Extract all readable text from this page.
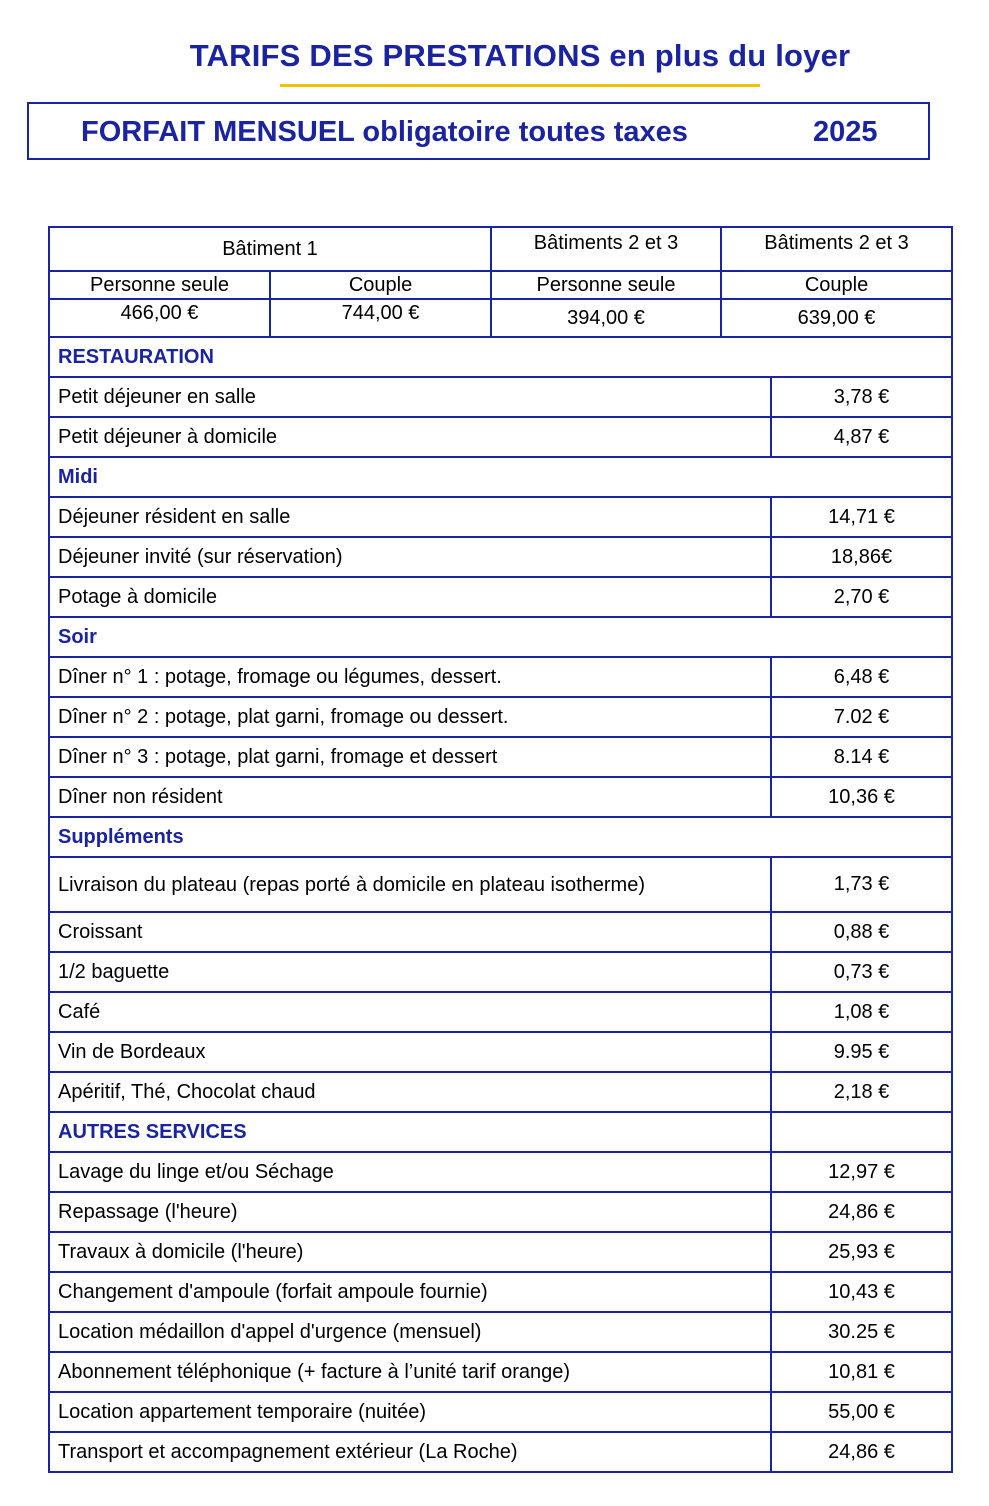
TARIFS DES PRESTATIONS en plus du loyer
FORFAIT MENSUEL obligatoire toutes taxes	2025
Bâtiment 1		Bâtiments 2 et 3	Bâtiments 2 et 3
Personne seule	Couple	Personne seule	Couple
466,00 €	744,00 €	394,00 €	639,00 €
RESTAURATION	
Petit déjeuner en salle	3,78 €
Petit déjeuner à domicile	4,87 €
Midi	
Déjeuner résident en salle	14,71 €
Déjeuner invité (sur réservation)	18,86€
Potage à domicile	2,70 €
Soir	
Dîner n° 1 : potage, fromage ou légumes, dessert.	6,48 €
Dîner n° 2 : potage, plat garni, fromage ou dessert.	7.02 €
Dîner n° 3 : potage, plat garni, fromage et dessert	8.14 €
Dîner non résident	10,36 €
Suppléments	
Livraison du plateau (repas porté à domicile en plateau isotherme)	1,73 €
Croissant	0,88 €
1/2 baguette	0,73 €
Café	1,08 €
Vin de Bordeaux	9.95 €
Apéritif, Thé, Chocolat chaud	2,18 €
AUTRES SERVICES	
Lavage du linge et/ou Séchage	12,97 €
Repassage (l'heure)	24,86 €
Travaux à domicile (l'heure)	25,93 €
Changement d'ampoule (forfait ampoule fournie)	10,43 €
Location médaillon d'appel d'urgence (mensuel)	30.25 €
Abonnement téléphonique (+ facture à l’unité tarif orange)	10,81 €
Location appartement temporaire (nuitée)	55,00 €
Transport et accompagnement extérieur (La Roche)	24,86 €
